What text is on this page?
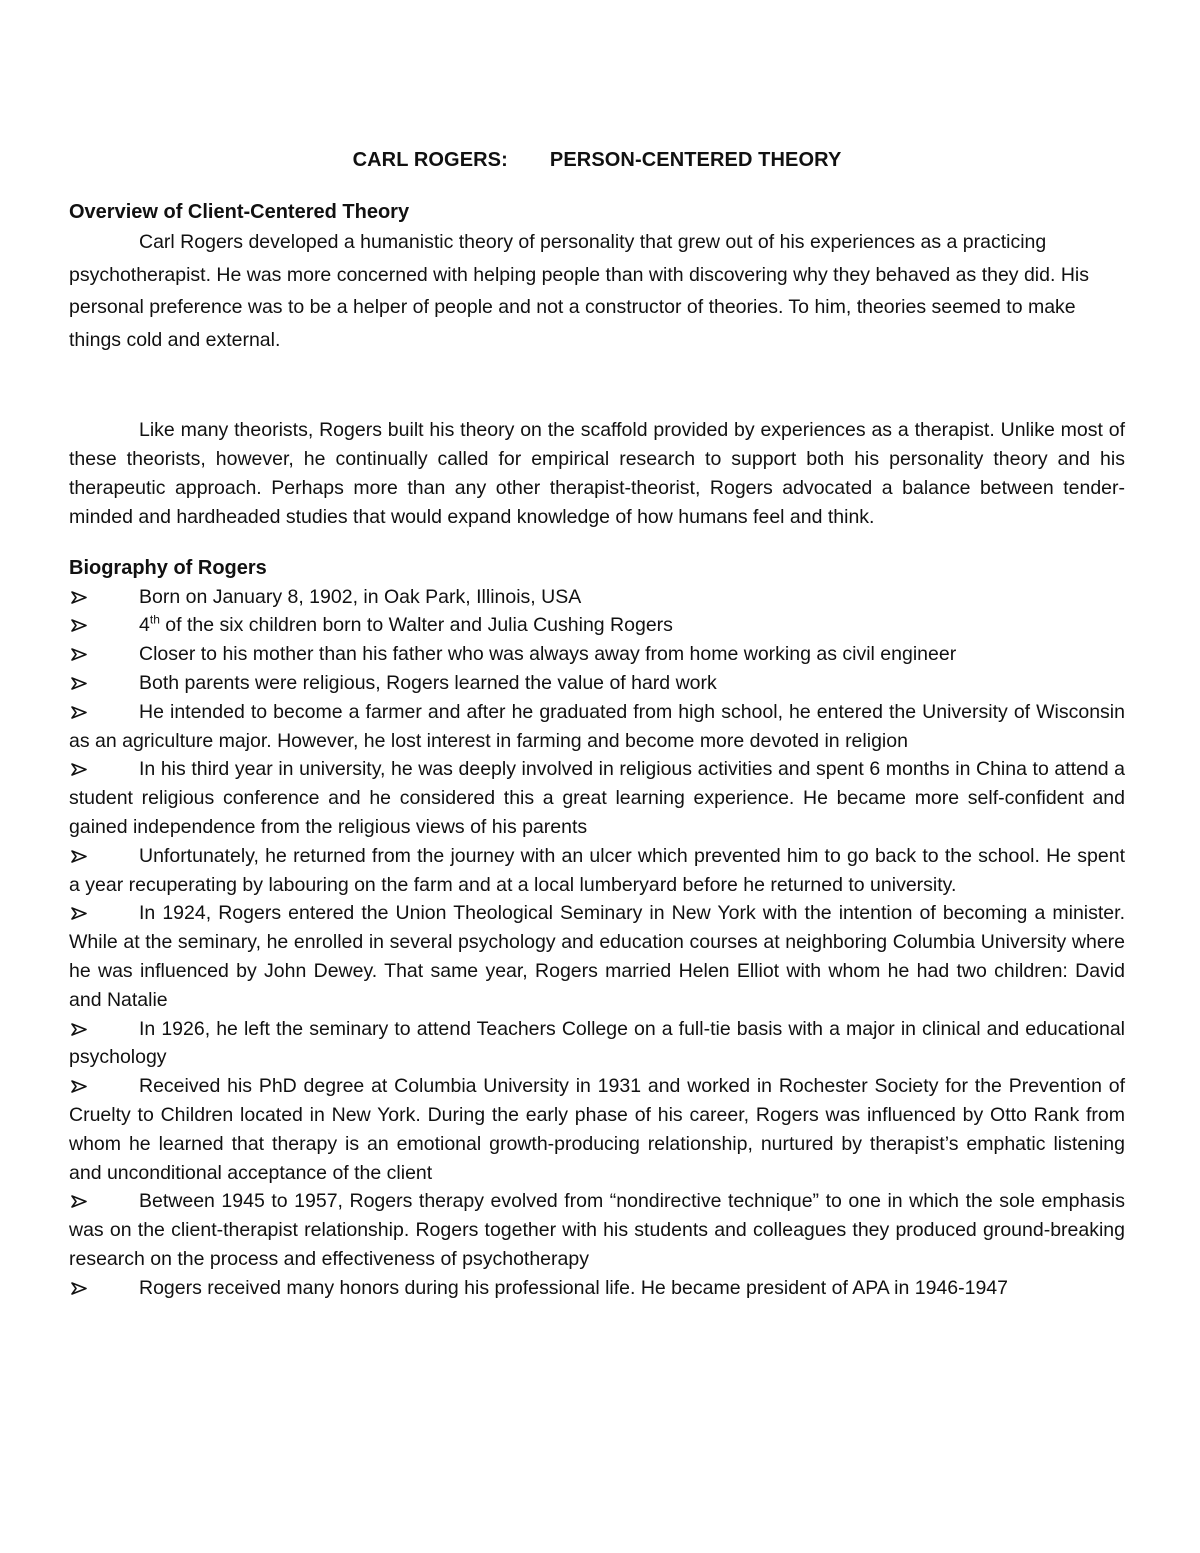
CARL ROGERS: PERSON-CENTERED THEORY
Overview of Client-Centered Theory

Carl Rogers developed a humanistic theory of personality that grew out of his experiences as a practicing psychotherapist. He was more concerned with helping people than with discovering why they behaved as they did. His personal preference was to be a helper of people and not a constructor of theories. To him, theories seemed to make things cold and external.

Like many theorists, Rogers built his theory on the scaffold provided by experiences as a therapist. Unlike most of these theorists, however, he continually called for empirical research to support both his personality theory and his therapeutic approach. Perhaps more than any other therapist-theorist, Rogers advocated a balance between tender-minded and hardheaded studies that would expand knowledge of how humans feel and think.

Biography of Rogers
Born on January 8, 1902, in Oak Park, Illinois, USA
4th of the six children born to Walter and Julia Cushing Rogers
Closer to his mother than his father who was always away from home working as civil engineer
Both parents were religious, Rogers learned the value of hard work
He intended to become a farmer and after he graduated from high school, he entered the University of Wisconsin as an agriculture major. However, he lost interest in farming and become more devoted in religion
In his third year in university, he was deeply involved in religious activities and spent 6 months in China to attend a student religious conference and he considered this a great learning experience. He became more self-confident and gained independence from the religious views of his parents
Unfortunately, he returned from the journey with an ulcer which prevented him to go back to the school. He spent a year recuperating by labouring on the farm and at a local lumberyard before he returned to university.
In 1924, Rogers entered the Union Theological Seminary in New York with the intention of becoming a minister. While at the seminary, he enrolled in several psychology and education courses at neighboring Columbia University where he was influenced by John Dewey. That same year, Rogers married Helen Elliot with whom he had two children: David and Natalie
In 1926, he left the seminary to attend Teachers College on a full-tie basis with a major in clinical and educational psychology
Received his PhD degree at Columbia University in 1931 and worked in Rochester Society for the Prevention of Cruelty to Children located in New York. During the early phase of his career, Rogers was influenced by Otto Rank from whom he learned that therapy is an emotional growth-producing relationship, nurtured by therapist’s emphatic listening and unconditional acceptance of the client
Between 1945 to 1957, Rogers therapy evolved from “nondirective technique” to one in which the sole emphasis was on the client-therapist relationship. Rogers together with his students and colleagues they produced ground-breaking research on the process and effectiveness of psychotherapy
Rogers received many honors during his professional life. He became president of APA in 1946-1947
